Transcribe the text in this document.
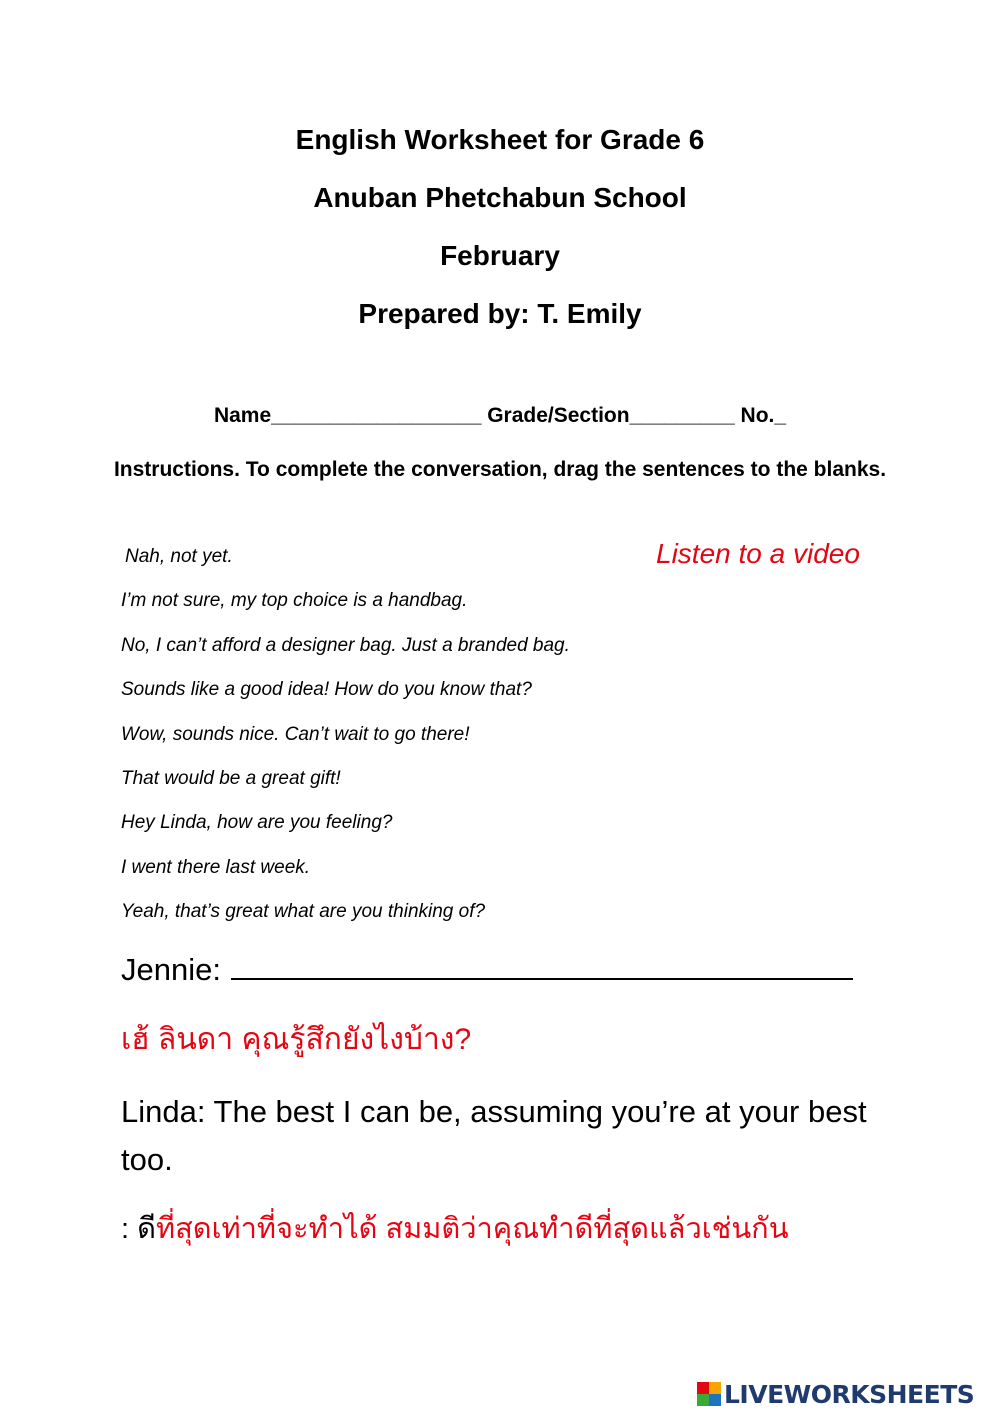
English Worksheet for Grade 6
Anuban Phetchabun School
February
Prepared by: T. Emily
Name__________________ Grade/Section_________ No._
Instructions. To complete the conversation, drag the sentences to the blanks.
Listen to a video
Nah, not yet.
I’m not sure, my top choice is a handbag.
No, I can’t afford a designer bag. Just a branded bag.
Sounds like a good idea! How do you know that?
Wow, sounds nice. Can’t wait to go there!
That would be a great gift!
Hey Linda, how are you feeling?
I went there last week.
Yeah, that’s great what are you thinking of?
Jennie:
เฮ้ ลินดา คุณรู้สึกยังไงบ้าง?
Linda: The best I can be, assuming you’re at your best too.
: ดีที่สุดเท่าที่จะทำได้ สมมติว่าคุณทำดีที่สุดแล้วเช่นกัน
LIVEWORKSHEETS
